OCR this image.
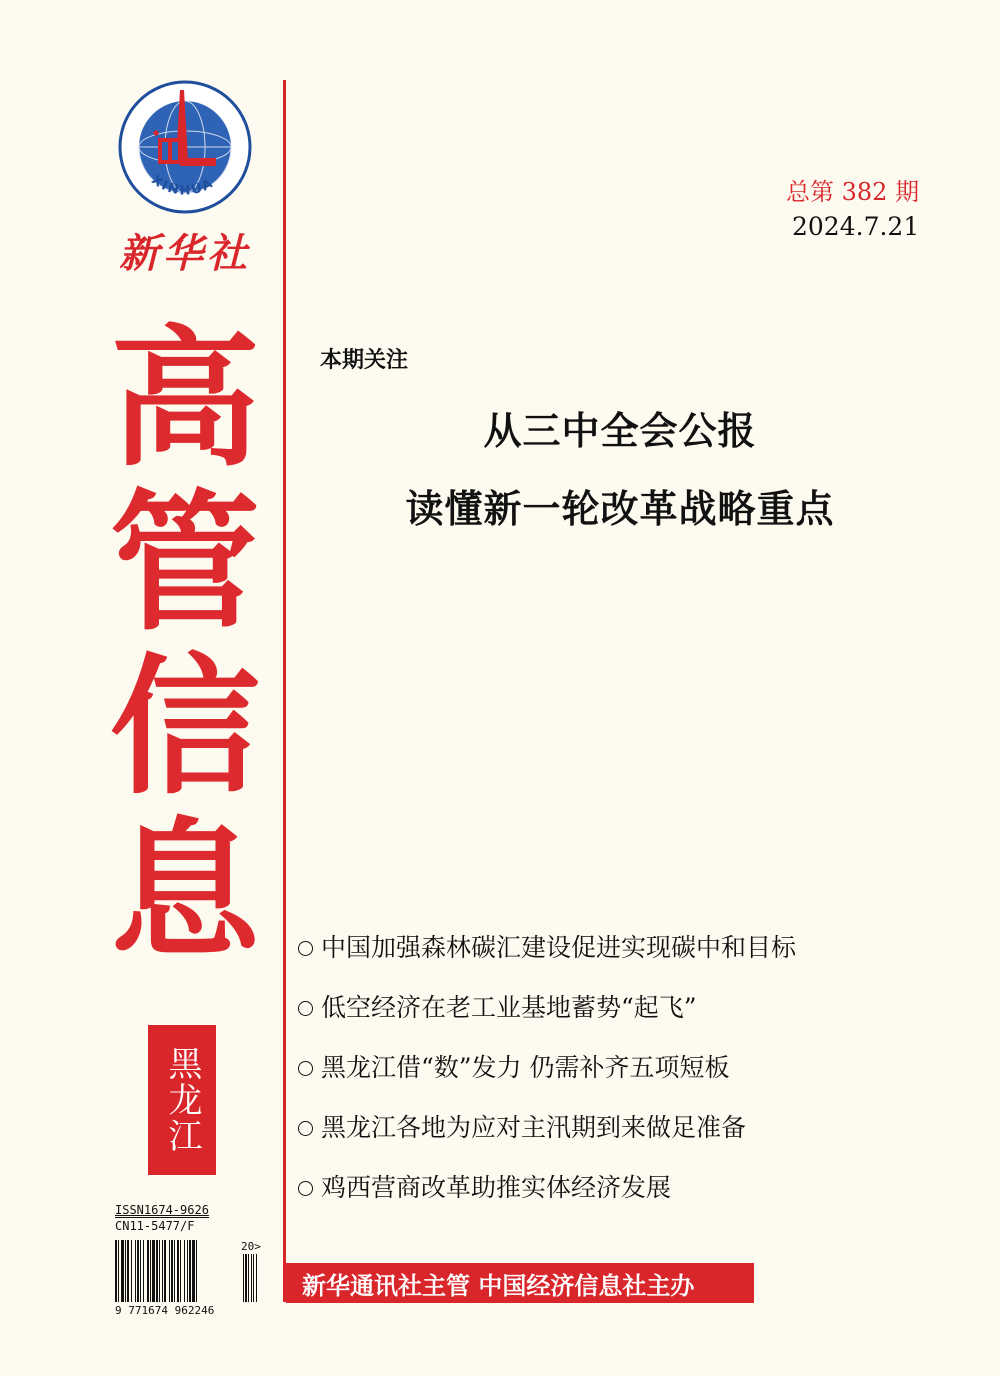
XINHUA
新华社
高
管
信
息
黑龙江
ISSN1674-9626
CN11-5477/F
20>
9 771674 962246
总第 382 期
2024.7.21
本期关注
从三中全会公报
读懂新一轮改革战略重点
中国加强森林碳汇建设促进实现碳中和目标
低空经济在老工业基地蓄势“起飞”
黑龙江借“数”发力 仍需补齐五项短板
黑龙江各地为应对主汛期到来做足准备
鸡西营商改革助推实体经济发展
新华通讯社主管 中国经济信息社主办
